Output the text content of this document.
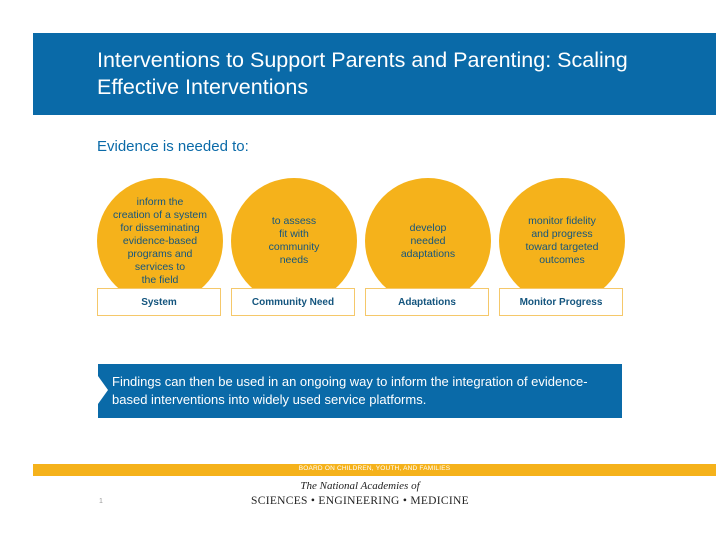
Interventions to Support Parents and Parenting: Scaling Effective Interventions
Evidence is needed to:
inform the
creation of a system
for disseminating
evidence-based
programs and
services to
the field
to assess
fit with
community
needs
develop
needed
adaptations
monitor fidelity
and progress
toward targeted
outcomes
System	Community Need	Adaptations	Monitor Progress
Findings can then be used in an ongoing way to inform the integration of evidence-based interventions into widely used service platforms.
BOARD ON CHILDREN, YOUTH, AND FAMILIES
The National Academies of
SCIENCES • ENGINEERING • MEDICINE
1
